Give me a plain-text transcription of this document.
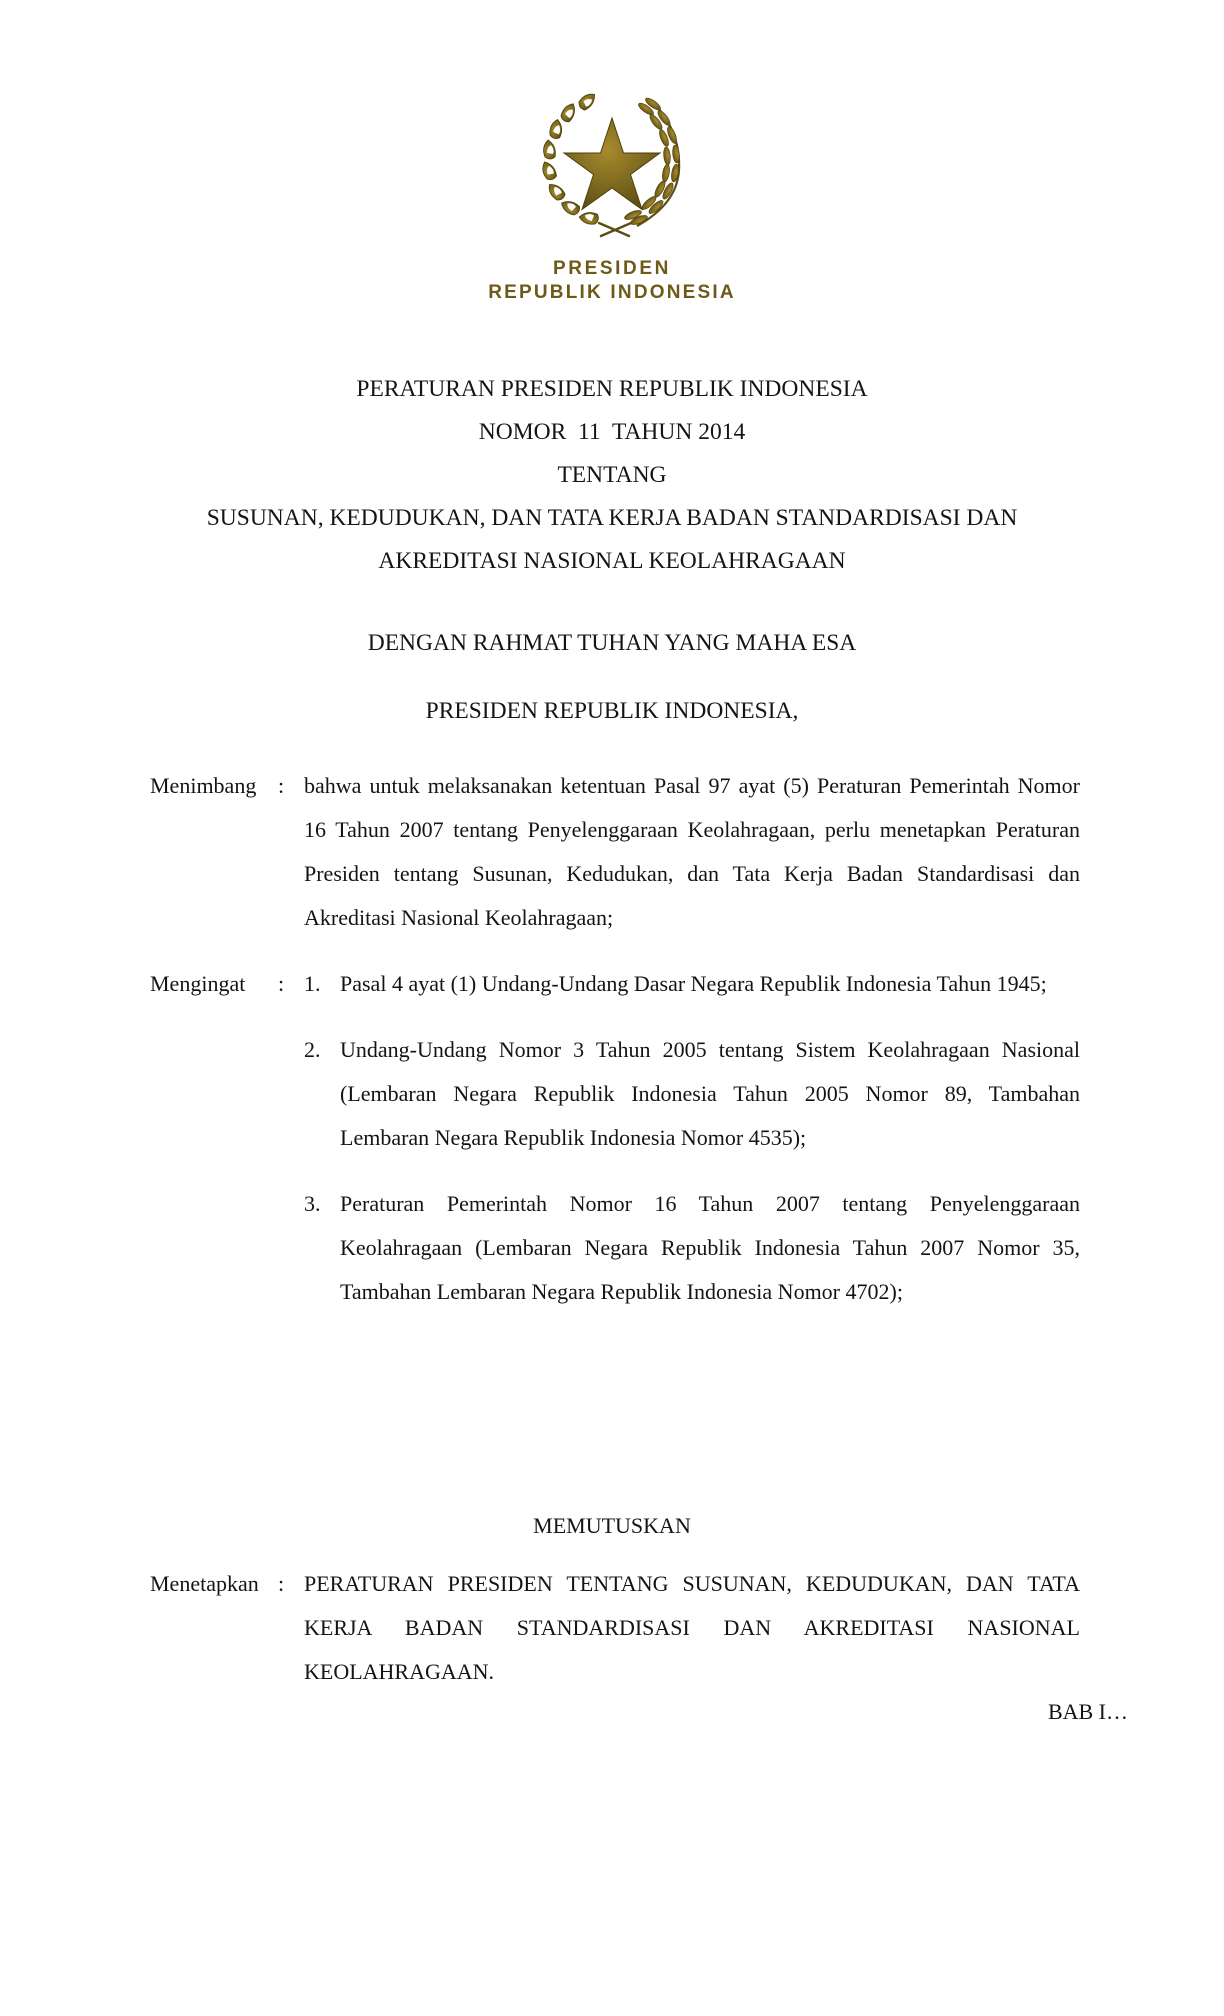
PRESIDEN
REPUBLIK INDONESIA
PERATURAN PRESIDEN REPUBLIK INDONESIA
NOMOR  11  TAHUN 2014
TENTANG
SUSUNAN, KEDUDUKAN, DAN TATA KERJA BADAN STANDARDISASI DAN
AKREDITASI NASIONAL KEOLAHRAGAAN
DENGAN RAHMAT TUHAN YANG MAHA ESA
PRESIDEN REPUBLIK INDONESIA,
Menimbang : bahwa untuk melaksanakan ketentuan Pasal 97 ayat (5) Peraturan Pemerintah Nomor 16 Tahun 2007 tentang Penyelenggaraan Keolahragaan, perlu menetapkan Peraturan Presiden tentang Susunan, Kedudukan, dan Tata Kerja Badan Standardisasi dan Akreditasi Nasional Keolahragaan;

Mengingat	: 1. Pasal 4 ayat (1) Undang-Undang Dasar Negara Republik Indonesia Tahun 1945;
2. Undang-Undang Nomor 3 Tahun 2005 tentang Sistem Keolahragaan Nasional (Lembaran Negara Republik Indonesia Tahun 2005 Nomor 89, Tambahan Lembaran Negara Republik Indonesia Nomor 4535);
3. Peraturan Pemerintah Nomor 16 Tahun 2007 tentang Penyelenggaraan Keolahragaan (Lembaran Negara Republik Indonesia Tahun 2007 Nomor 35, Tambahan Lembaran Negara Republik Indonesia Nomor 4702);
MEMUTUSKAN
Menetapkan : PERATURAN PRESIDEN TENTANG SUSUNAN, KEDUDUKAN, DAN TATA KERJA BADAN STANDARDISASI DAN AKREDITASI NASIONAL KEOLAHRAGAAN.

BAB I…
